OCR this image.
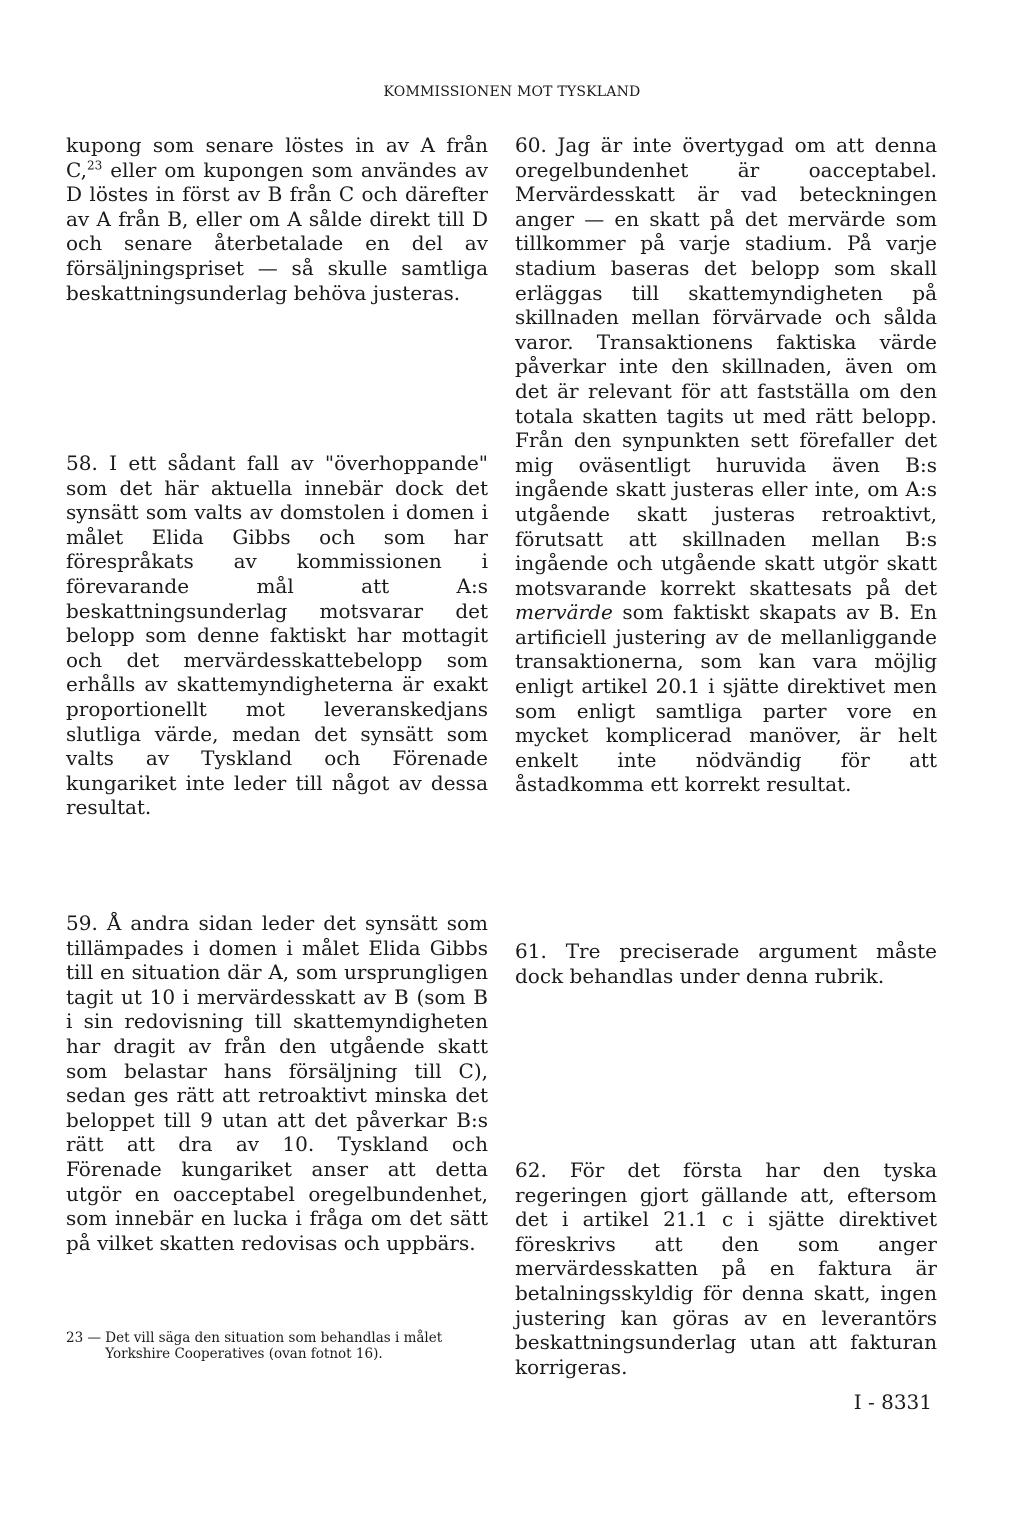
KOMMISSIONEN MOT TYSKLAND

kupong som senare löstes in av A från C,$^{23}$ eller om kupongen som användes av D löstes in först av B från C och därefter av A från B, eller om A sålde direkt till D och senare återbetalade en del av försäljningspriset — så skulle samtliga beskattningsunderlag behöva justeras.

58. I ett sådant fall av "överhoppande" som det här aktuella innebär dock det synsätt som valts av domstolen i domen i målet Elida Gibbs och som har förespråkats av kommissionen i förevarande mål att A:s beskattningsunderlag motsvarar det belopp som denne faktiskt har mottagit och det mervärdesskattebelopp som erhålls av skattemyndigheterna är exakt proportionellt mot leveranskedjans slutliga värde, medan det synsätt som valts av Tyskland och Förenade kungariket inte leder till något av dessa resultat.

59. Å andra sidan leder det synsätt som tillämpades i domen i målet Elida Gibbs till en situation där A, som ursprungligen tagit ut 10 i mervärdesskatt av B (som B i sin redovisning till skattemyndigheten har dragit av från den utgående skatt som belastar hans försäljning till C), sedan ges rätt att retroaktivt minska det beloppet till 9 utan att det påverkar B:s rätt att dra av 10. Tyskland och Förenade kungariket anser att detta utgör en oacceptabel oregelbundenhet, som innebär en lucka i fråga om det sätt på vilket skatten redovisas och uppbärs.

23 —
Det vill säga den situation som behandlas i målet Yorkshire Cooperatives (ovan fotnot 16).

60. Jag är inte övertygad om att denna oregelbundenhet är oacceptabel. Mervärdesskatt är vad beteckningen anger — en skatt på det mervärde som tillkommer på varje stadium. På varje stadium baseras det belopp som skall erläggas till skattemyndigheten på skillnaden mellan förvärvade och sålda varor. Transaktionens faktiska värde påverkar inte den skillnaden, även om det är relevant för att fastställa om den totala skatten tagits ut med rätt belopp. Från den synpunkten sett förefaller det mig oväsentligt huruvida även B:s ingående skatt justeras eller inte, om A:s utgående skatt justeras retroaktivt, förutsatt att skillnaden mellan B:s ingående och utgående skatt utgör skatt motsvarande korrekt skattesats på det mervärde som faktiskt skapats av B. En artificiell justering av de mellanliggande transaktionerna, som kan vara möjlig enligt artikel 20.1 i sjätte direktivet men som enligt samtliga parter vore en mycket komplicerad manöver, är helt enkelt inte nödvändig för att åstadkomma ett korrekt resultat.

61. Tre preciserade argument måste dock behandlas under denna rubrik.

62. För det första har den tyska regeringen gjort gällande att, eftersom det i artikel 21.1 c i sjätte direktivet föreskrivs att den som anger mervärdesskatten på en faktura är betalningsskyldig för denna skatt, ingen justering kan göras av en leverantörs beskattningsunderlag utan att fakturan korrigeras.

I - 8331
